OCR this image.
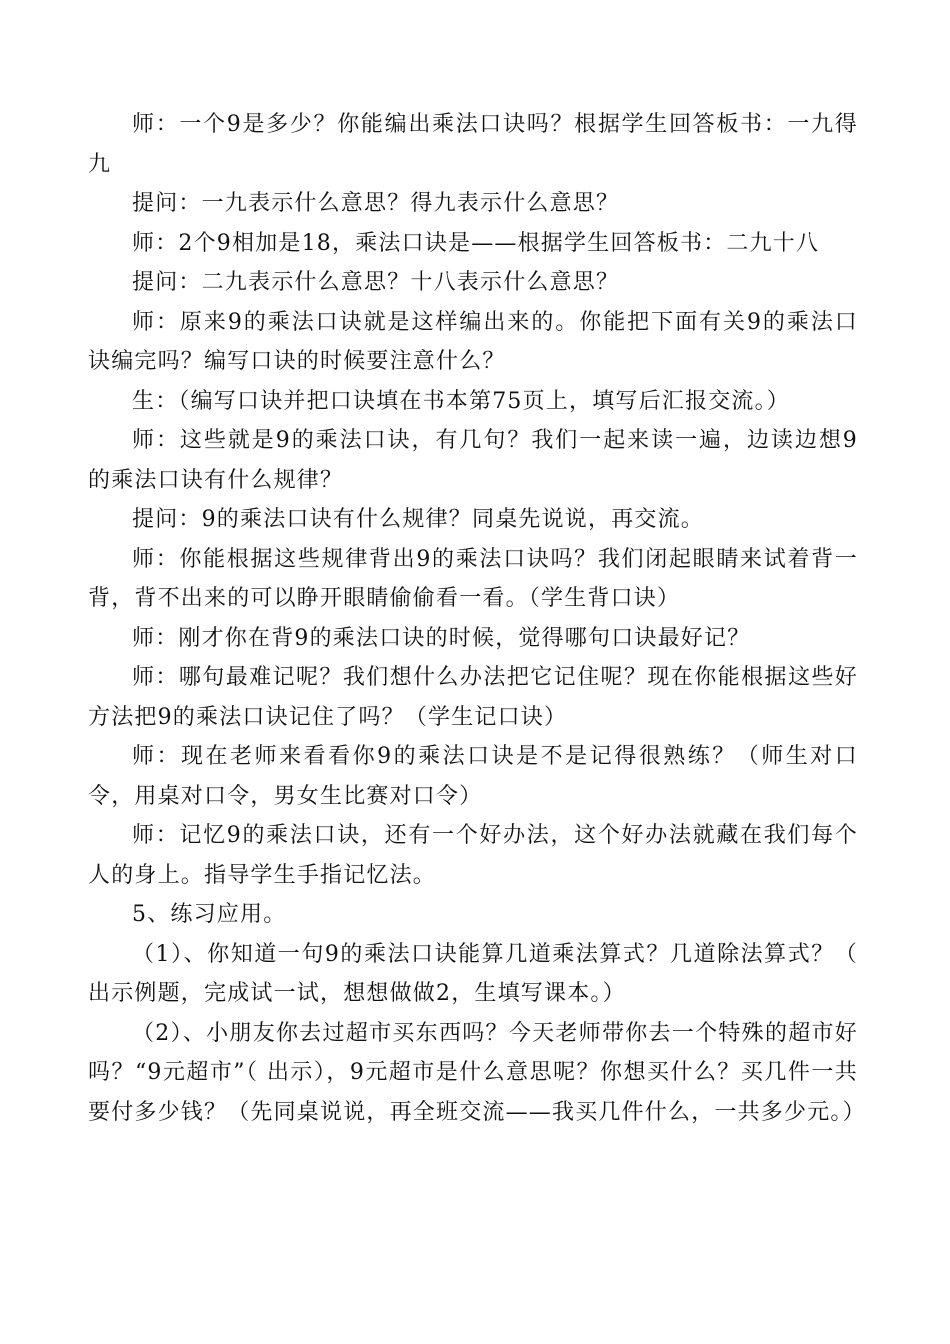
师：一个9是多少？你能编出乘法口诀吗？根据学生回答板书：一九得九

提问：一九表示什么意思？得九表示什么意思？

师：2个9相加是18，乘法口诀是——根据学生回答板书：二九十八

提问：二九表示什么意思？十八表示什么意思？

师：原来9的乘法口诀就是这样编出来的。你能把下面有关9的乘法口诀编完吗？编写口诀的时候要注意什么？

生：（编写口诀并把口诀填在书本第75页上，填写后汇报交流。）

师：这些就是9的乘法口诀，有几句？我们一起来读一遍，边读边想9的乘法口诀有什么规律？

提问：9的乘法口诀有什么规律？同桌先说说，再交流。

师：你能根据这些规律背出9的乘法口诀吗？我们闭起眼睛来试着背一背，背不出来的可以睁开眼睛偷偷看一看。（学生背口诀）

师：刚才你在背9的乘法口诀的时候，觉得哪句口诀最好记？

师：哪句最难记呢？我们想什么办法把它记住呢？现在你能根据这些好方法把9的乘法口诀记住了吗？（学生记口诀）

师：现在老师来看看你9的乘法口诀是不是记得很熟练？（师生对口令，用桌对口令，男女生比赛对口令）

师：记忆9的乘法口诀，还有一个好办法，这个好办法就藏在我们每个人的身上。指导学生手指记忆法。

5、练习应用。

（1）、你知道一句9的乘法口诀能算几道乘法算式？几道除法算式？（ 出示例题，完成试一试，想想做做2，生填写课本。）

（2）、小朋友你去过超市买东西吗？今天老师带你去一个特殊的超市好吗？“9元超市”（ 出示），9元超市是什么意思呢？你想买什么？买几件一共要付多少钱？（先同桌说说，再全班交流——我买几件什么，一共多少元。）
